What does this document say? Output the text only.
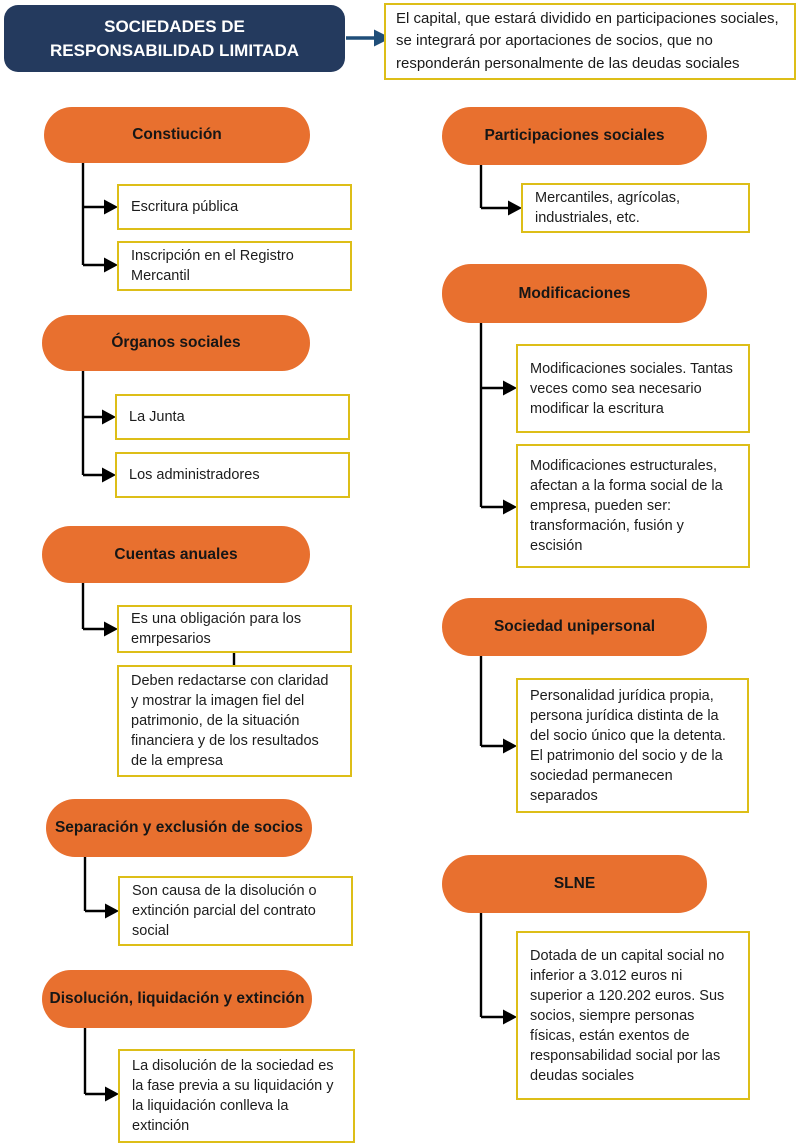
SOCIEDADES DE
RESPONSABILIDAD LIMITADA
El capital, que estará dividido en participaciones sociales, se integrará por aportaciones de socios, que no responderán personalmente de las deudas sociales
Constiución
Escritura pública
Inscripción en el Registro Mercantil
Órganos sociales
La Junta
Los administradores
Cuentas anuales
Es una obligación para los emrpesarios
Deben redactarse con claridad y mostrar la imagen fiel del patrimonio, de la situación financiera y de los resultados de la empresa
Separación y exclusión de socios
Son causa de la disolución o extinción parcial del contrato social
Disolución, liquidación y extinción
La disolución de la sociedad es la fase previa a su liquidación y la liquidación conlleva la extinción
Participaciones sociales
Mercantiles, agrícolas, industriales, etc.
Modificaciones
Modificaciones sociales. Tantas veces como sea necesario modificar la escritura
Modificaciones estructurales, afectan a la forma social de la empresa, pueden ser: transformación, fusión y escisión
Sociedad unipersonal
Personalidad jurídica propia, persona jurídica distinta de la del socio único que la detenta. El patrimonio del socio y de la sociedad permanecen separados
SLNE
Dotada de un capital social no inferior a 3.012 euros ni superior a 120.202 euros. Sus socios, siempre personas físicas, están exentos de responsabilidad social por las deudas sociales
